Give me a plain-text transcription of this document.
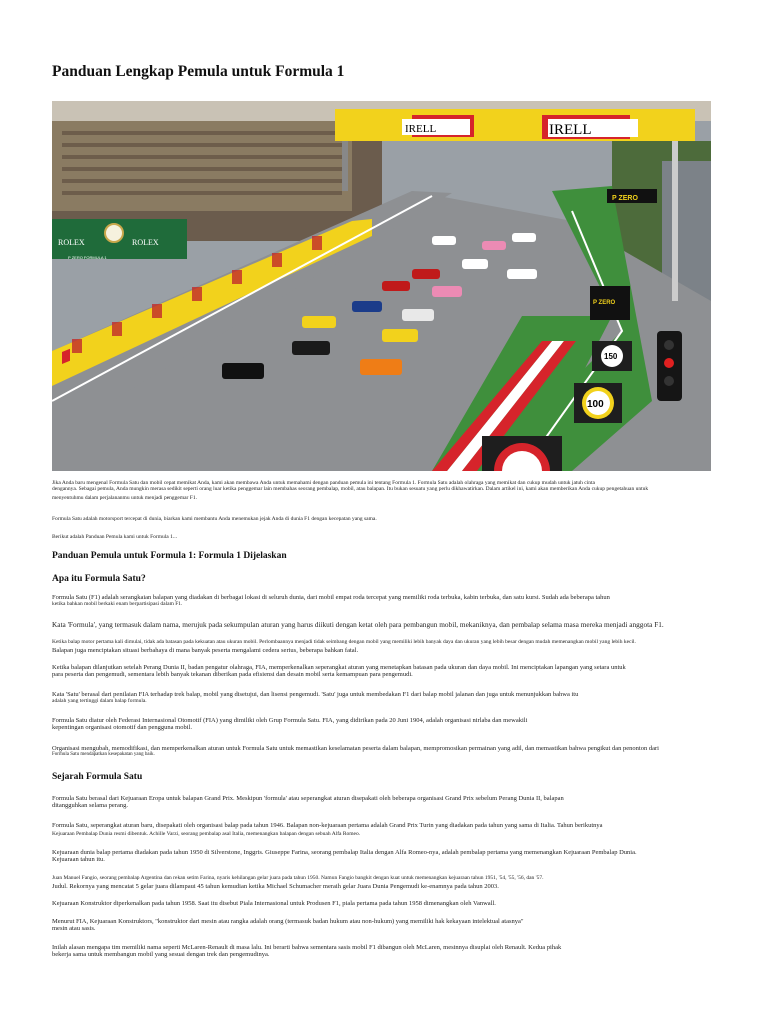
Panduan Lengkap Pemula untuk Formula 1
IRELL	IRELL
ROLEX	ROLEX
150
100
P ZERO
P ZERO
P ZERO FORMULA 1
Jika Anda baru mengenal Formula Satu dan mobil cepat memikat Anda, kami akan membawa Anda untuk memahami dengan panduan pemula ini tentang Formula 1. Formula Satu adalah olahraga yang memikat dan cukup mudah untuk jatuh cinta
dengannya. Sebagai pemula, Anda mungkin merasa sedikit seperti orang luar ketika penggemar lain membahas seorang pembalap, mobil, atau balapan. Itu bukan sesuatu yang perlu dikhawatirkan. Dalam artikel ini, kami akan memberikan Anda cukup pengetahuan untuk
menyentuhmu dalam perjalananmu untuk menjadi penggemar F1.
Formula Satu adalah motorsport tercepat di dunia, biarkan kami membantu Anda menemukan jejak Anda di dunia F1 dengan kecepatan yang sama.
Berikut adalah Panduan Pemula kami untuk Formula 1...
Panduan Pemula untuk Formula 1: Formula 1 Dijelaskan
Apa itu Formula Satu?
Formula Satu (F1) adalah serangkaian balapan yang diadakan di berbagai lokasi di seluruh dunia, dari mobil empat roda tercepat yang memiliki roda terbuka, kabin terbuka, dan satu kursi. Sudah ada beberapa tahun
ketika bahkan mobil berkaki enam berpartisipasi dalam F1.
Kata 'Formula', yang termasuk dalam nama, merujuk pada sekumpulan aturan yang harus diikuti dengan ketat oleh para pembangun mobil, mekaniknya, dan pembalap selama masa mereka menjadi anggota F1.
Ketika balap motor pertama kali dimulai, tidak ada batasan pada kekuatan atau ukuran mobil. Perlombaannya menjadi tidak seimbang dengan mobil yang memiliki lebih banyak daya dan ukuran yang lebih besar dengan mudah memenangkan mobil yang lebih kecil.
Balapan juga menciptakan situasi berbahaya di mana banyak peserta mengalami cedera serius, beberapa bahkan fatal.
Ketika balapan dilanjutkan setelah Perang Dunia II, badan pengatur olahraga, FIA, memperkenalkan seperangkat aturan yang menetapkan batasan pada ukuran dan daya mobil. Ini menciptakan lapangan yang setara untuk
para peserta dan pengemudi, sementara lebih banyak tekanan diberikan pada efisiensi dan desain mobil serta kemampuan para pengemudi.
Kata 'Satu' berasal dari penilaian FIA terhadap trek balap, mobil yang disetujui, dan lisensi pengemudi. 'Satu' juga untuk membedakan F1 dari balap mobil jalanan dan juga untuk menunjukkan bahwa itu
adalah yang tertinggi dalam balap formula.
Formula Satu diatur oleh Federasi Internasional Otomotif (FIA) yang dimiliki oleh Grup Formula Satu. FIA, yang didirikan pada 20 Juni 1904, adalah organisasi nirlaba dan mewakili
kepentingan organisasi otomotif dan pengguna mobil.
Organisasi mengubah, memodifikasi, dan memperkenalkan aturan untuk Formula Satu untuk memastikan keselamatan peserta dalam balapan, mempromosikan permainan yang adil, dan memastikan bahwa pengikut dan penonton dari
Formula Satu mendapatkan kesepakatan yang baik.
Sejarah Formula Satu
Formula Satu berasal dari Kejuaraan Eropa untuk balapan Grand Prix. Meskipun 'formula' atau seperangkat aturan disepakati oleh beberapa organisasi Grand Prix sebelum Perang Dunia II, balapan
ditangguhkan selama perang.
Formula Satu, seperangkat aturan baru, disepakati oleh organisasi balap pada tahun 1946. Balapan non-kejuaraan pertama adalah Grand Prix Turin yang diadakan pada tahun yang sama di Italia. Tahun berikutnya
Kejuaraan Pembalap Dunia resmi dibentuk. Achille Varzi, seorang pembalap asal Italia, memenangkan balapan dengan sebuah Alfa Romeo.
Kejuaraan dunia balap pertama diadakan pada tahun 1950 di Silverstone, Inggris. Giuseppe Farina, seorang pembalap Italia dengan Alfa Romeo-nya, adalah pembalap pertama yang memenangkan Kejuaraan Pembalap Dunia.
Kejuaraan tahun itu.
Juan Manuel Fangio, seorang pembalap Argentina dan rekan setim Farina, nyaris kehilangan gelar juara pada tahun 1950. Namun Fangio bangkit dengan kuat untuk memenangkan kejuaraan tahun 1951, '54, '55, '56, dan '57.
Judul. Rekornya yang mencatat 5 gelar juara dilampaui 45 tahun kemudian ketika Michael Schumacher meraih gelar Juara Dunia Pengemudi ke-enamnya pada tahun 2003.
Kejuaraan Konstruktor diperkenalkan pada tahun 1958. Saat itu disebut Piala Internasional untuk Produsen F1, piala pertama pada tahun 1958 dimenangkan oleh Vanwall.
Menurut FIA, Kejuaraan Konstruktors, "konstruktor dari mesin atau rangka adalah orang (termasuk badan hukum atau non-hukum) yang memiliki hak kekayaan intelektual atasnya"
mesin atau sasis.
Inilah alasan mengapa tim memiliki nama seperti McLaren-Renault di masa lalu. Ini berarti bahwa sementara sasis mobil F1 dibangun oleh McLaren, mesinnya disuplai oleh Renault. Kedua pihak
bekerja sama untuk membangun mobil yang sesuai dengan trek dan pengemudinya.
